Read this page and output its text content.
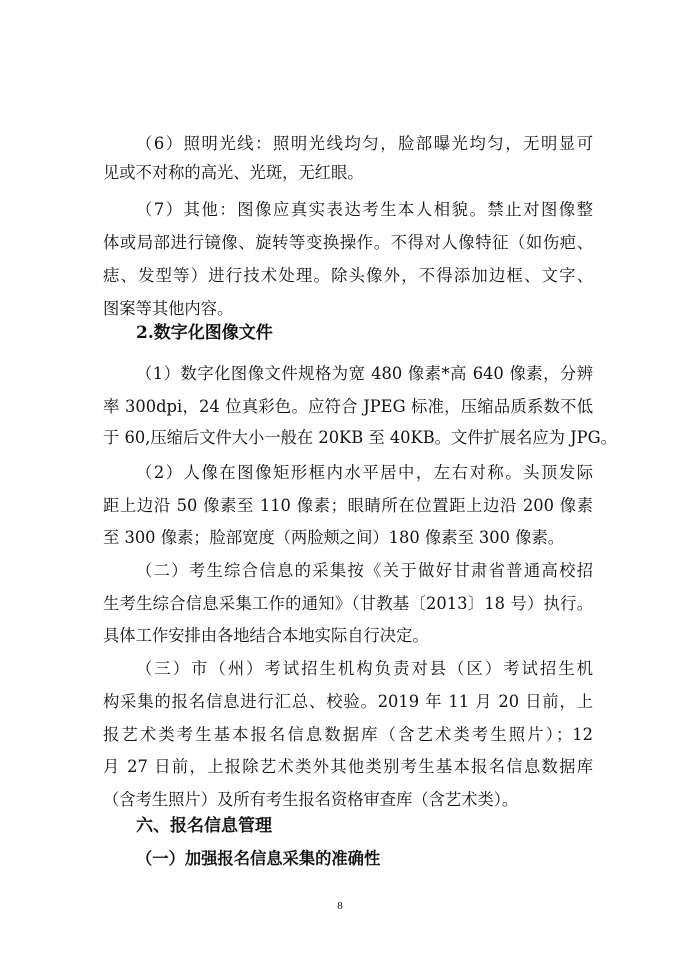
（6）照明光线：照明光线均匀，脸部曝光均匀，无明显可
见或不对称的高光、光斑，无红眼。
（7）其他：图像应真实表达考生本人相貌。禁止对图像整
体或局部进行镜像、旋转等变换操作。不得对人像特征（如伤疤、
痣、发型等）进行技术处理。除头像外，不得添加边框、文字、
图案等其他内容。
2.数字化图像文件
（1）数字化图像文件规格为宽 480 像素*高 640 像素，分辨
率 300dpi，24 位真彩色。应符合 JPEG 标准，压缩品质系数不低
于 60,压缩后文件大小一般在 20KB 至 40KB。文件扩展名应为 JPG。
（2）人像在图像矩形框内水平居中，左右对称。头顶发际
距上边沿 50 像素至 110 像素；眼睛所在位置距上边沿 200 像素
至 300 像素；脸部宽度（两脸颊之间）180 像素至 300 像素。
（二）考生综合信息的采集按《关于做好甘肃省普通高校招
生考生综合信息采集工作的通知》（甘教基〔2013〕18 号）执行。
具体工作安排由各地结合本地实际自行决定。
（三）市（州）考试招生机构负责对县（区）考试招生机
构采集的报名信息进行汇总、校验。2019 年 11 月 20 日前，上
报艺术类考生基本报名信息数据库（含艺术类考生照片）；12
月 27 日前，上报除艺术类外其他类别考生基本报名信息数据库
（含考生照片）及所有考生报名资格审查库（含艺术类）。
六、报名信息管理
（一）加强报名信息采集的准确性
8
